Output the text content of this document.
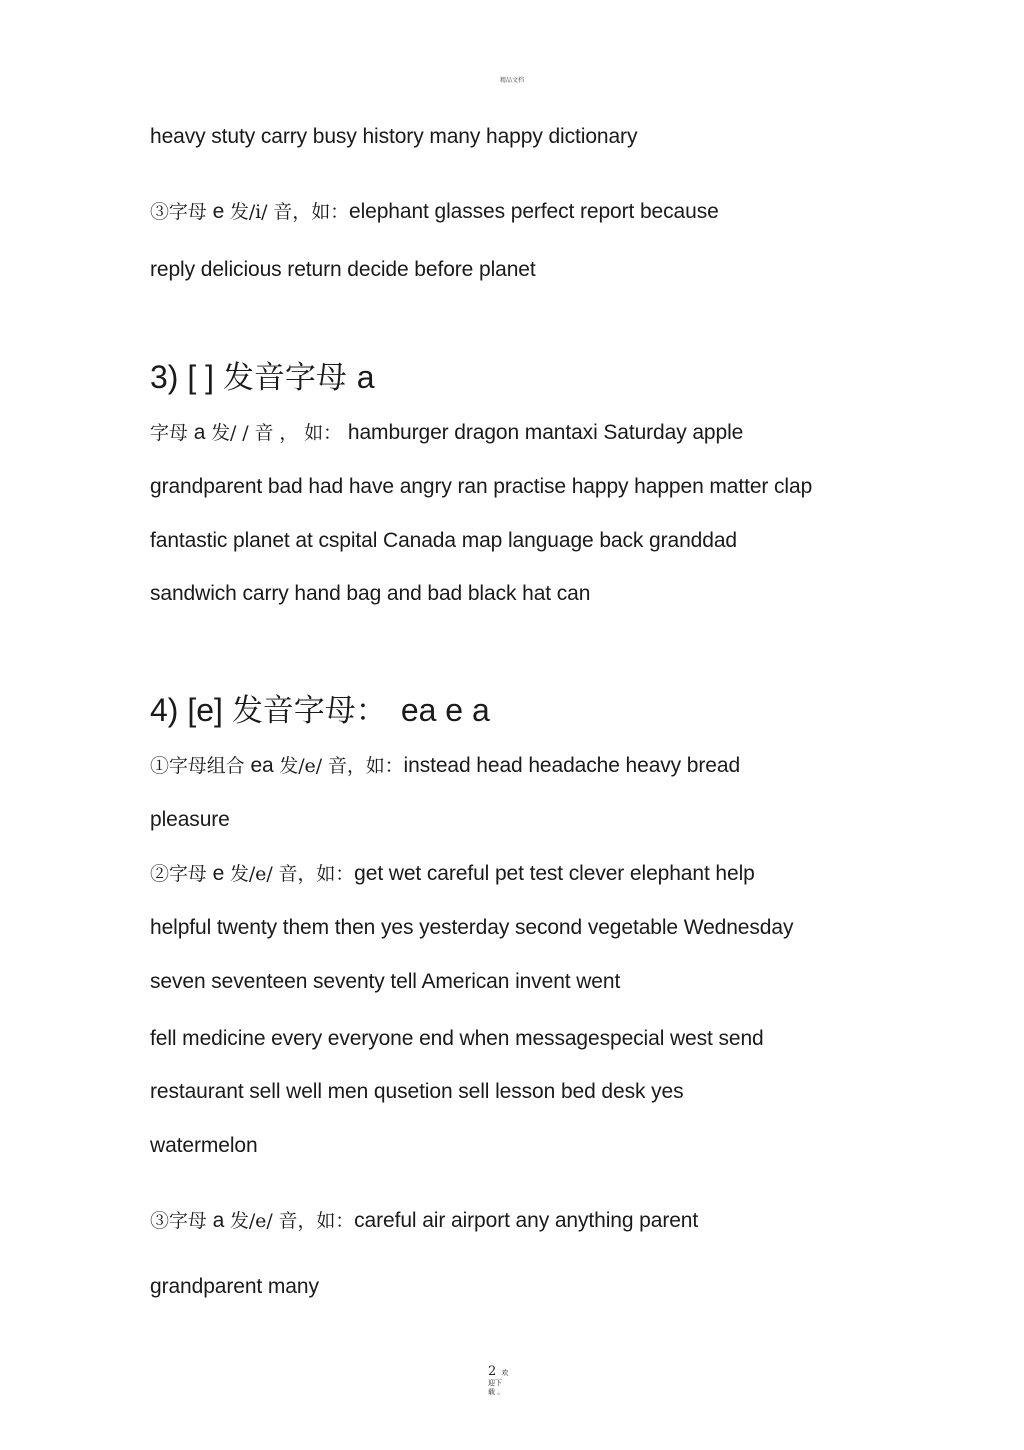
精品文档
heavy stuty carry busy history many happy dictionary
③字母 e 发/i/ 音，如：elephant glasses perfect report because
reply delicious return decide before planet
3) [ ] 发音字母 a
字母 a 发/ / 音 ， 如： hamburger dragon mantaxi Saturday apple
grandparent bad had have angry ran practise happy happen matter clap
fantastic planet at cspital Canada map language back granddad
sandwich carry hand bag and bad black hat can
4) [e] 发音字母： ea e a
①字母组合 ea 发/e/ 音，如：instead head headache heavy bread
pleasure
②字母 e 发/e/ 音，如：get wet careful pet test clever elephant help
helpful twenty them then yes yesterday second vegetable Wednesday
seven seventeen seventy tell American invent went
fell medicine every everyone end when messagespecial west send
restaurant sell well men qusetion sell lesson bed desk yes
watermelon
③字母 a 发/e/ 音，如：careful air airport any anything parent
grandparent many
2 欢
迎下
载 。
